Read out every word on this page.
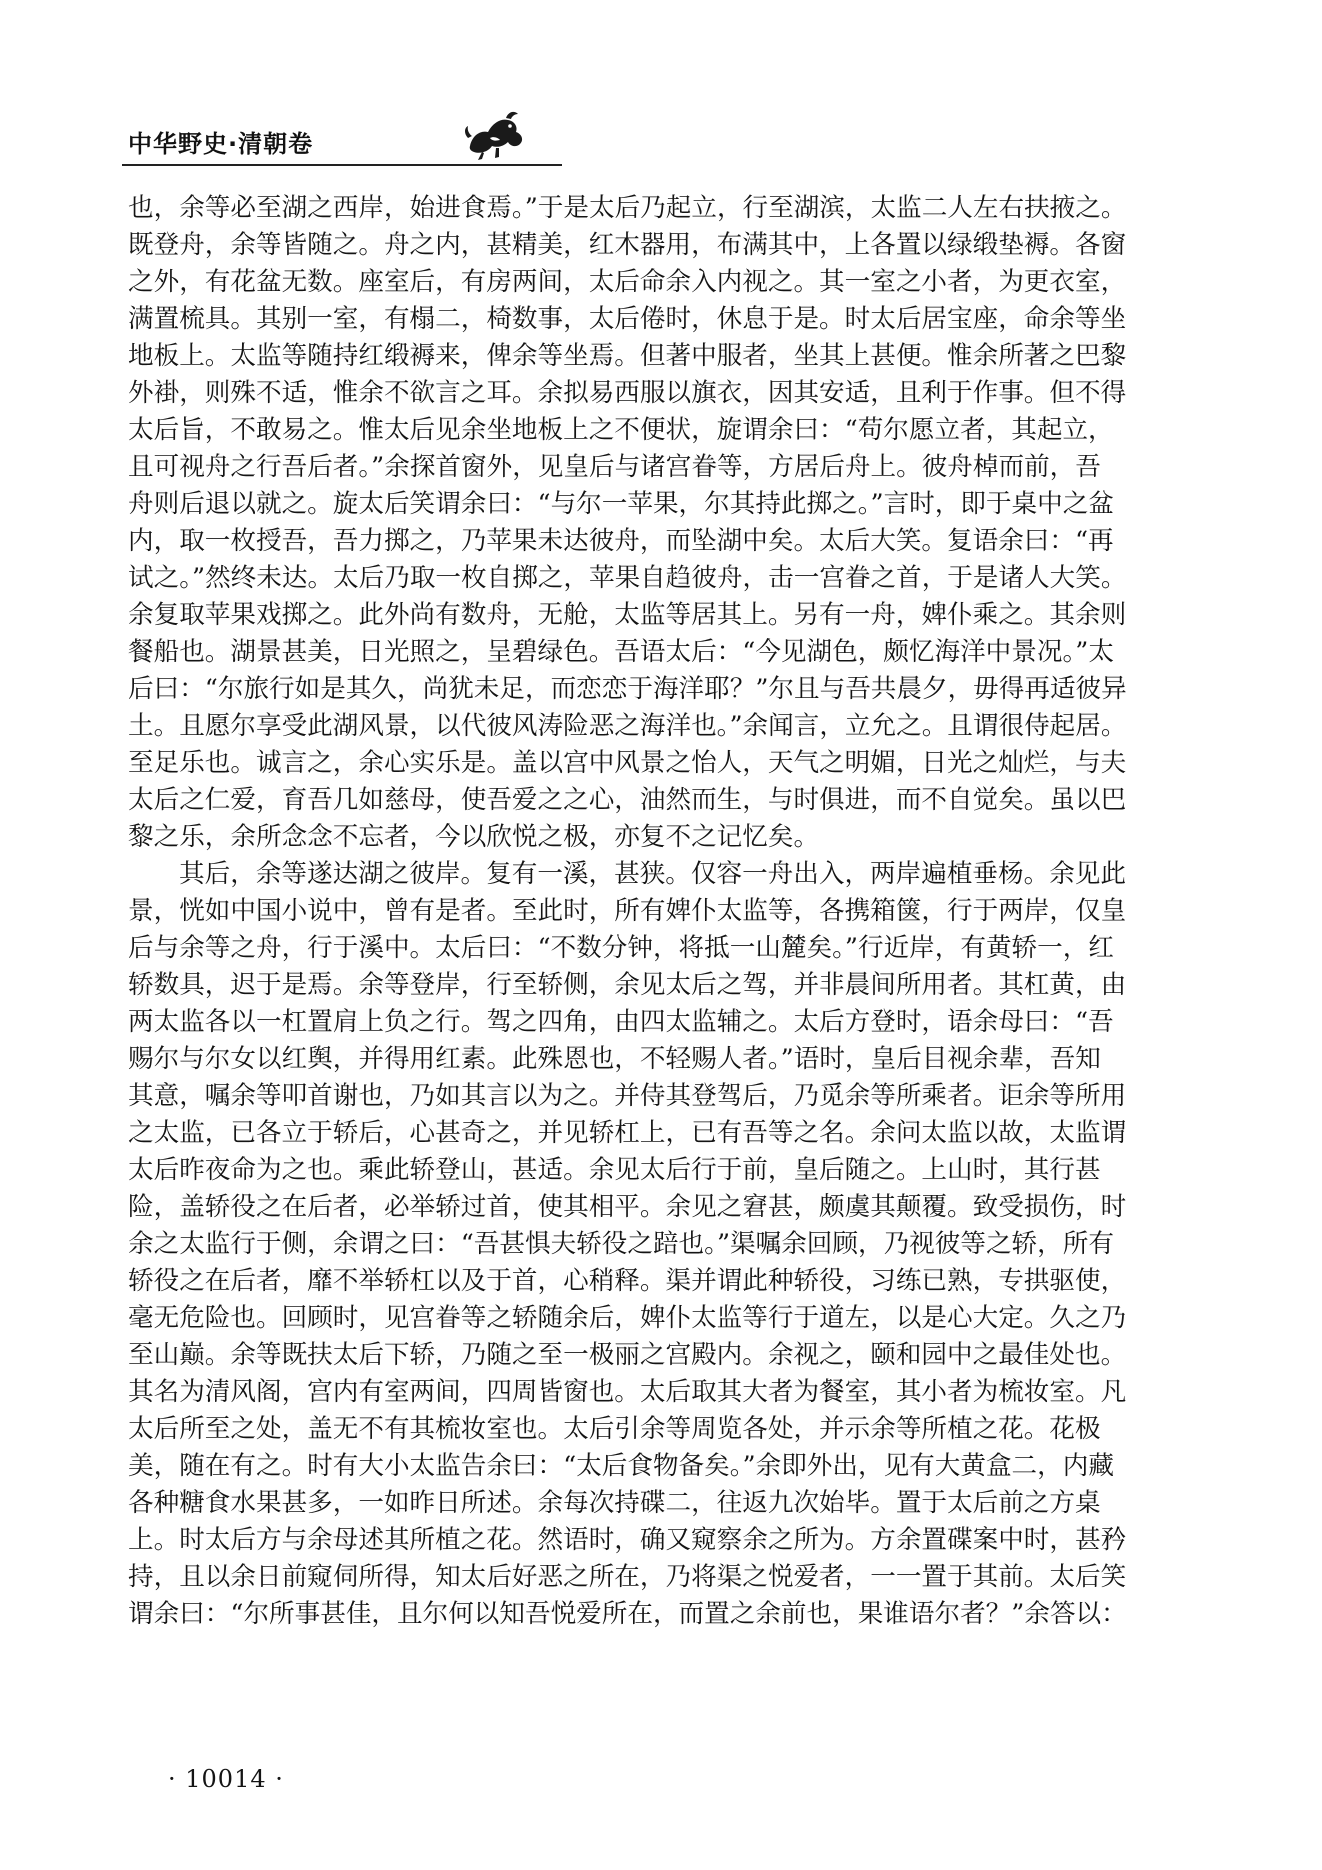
中华野史·清朝卷
也，余等必至湖之西岸，始进食焉。”于是太后乃起立，行至湖滨，太监二人左右扶掖之。
既登舟，余等皆随之。舟之内，甚精美，红木器用，布满其中，上各置以绿缎垫褥。各窗
之外，有花盆无数。座室后，有房两间，太后命余入内视之。其一室之小者，为更衣室，
满置梳具。其别一室，有榻二，椅数事，太后倦时，休息于是。时太后居宝座，命余等坐
地板上。太监等随持红缎褥来，俾余等坐焉。但著中服者，坐其上甚便。惟余所著之巴黎
外褂，则殊不适，惟余不欲言之耳。余拟易西服以旗衣，因其安适，且利于作事。但不得
太后旨，不敢易之。惟太后见余坐地板上之不便状，旋谓余曰：“苟尔愿立者，其起立，
且可视舟之行吾后者。”余探首窗外，见皇后与诸宫眷等，方居后舟上。彼舟棹而前，吾
舟则后退以就之。旋太后笑谓余曰：“与尔一苹果，尔其持此掷之。”言时，即于桌中之盆
内，取一枚授吾，吾力掷之，乃苹果未达彼舟，而坠湖中矣。太后大笑。复语余曰：“再
试之。”然终未达。太后乃取一枚自掷之，苹果自趋彼舟，击一宫眷之首，于是诸人大笑。
余复取苹果戏掷之。此外尚有数舟，无舱，太监等居其上。另有一舟，婢仆乘之。其余则
餐船也。湖景甚美，日光照之，呈碧绿色。吾语太后：“今见湖色，颇忆海洋中景况。”太
后曰：“尔旅行如是其久，尚犹未足，而恋恋于海洋耶？”尔且与吾共晨夕，毋得再适彼异
土。且愿尔享受此湖风景，以代彼风涛险恶之海洋也。”余闻言，立允之。且谓很侍起居。
至足乐也。诚言之，余心实乐是。盖以宫中风景之怡人，天气之明媚，日光之灿烂，与夫
太后之仁爱，育吾几如慈母，使吾爱之之心，油然而生，与时俱进，而不自觉矣。虽以巴
黎之乐，余所念念不忘者，今以欣悦之极，亦复不之记忆矣。
其后，余等遂达湖之彼岸。复有一溪，甚狭。仅容一舟出入，两岸遍植垂杨。余见此
景，恍如中国小说中，曾有是者。至此时，所有婢仆太监等，各携箱箧，行于两岸，仅皇
后与余等之舟，行于溪中。太后曰：“不数分钟，将抵一山麓矣。”行近岸，有黄轿一，红
轿数具，迟于是焉。余等登岸，行至轿侧，余见太后之驾，并非晨间所用者。其杠黄，由
两太监各以一杠置肩上负之行。驾之四角，由四太监辅之。太后方登时，语余母曰：“吾
赐尔与尔女以红舆，并得用红素。此殊恩也，不轻赐人者。”语时，皇后目视余辈，吾知
其意，嘱余等叩首谢也，乃如其言以为之。并侍其登驾后，乃觅余等所乘者。讵余等所用
之太监，已各立于轿后，心甚奇之，并见轿杠上，已有吾等之名。余问太监以故，太监谓
太后昨夜命为之也。乘此轿登山，甚适。余见太后行于前，皇后随之。上山时，其行甚
险，盖轿役之在后者，必举轿过首，使其相平。余见之窘甚，颇虞其颠覆。致受损伤，时
余之太监行于侧，余谓之曰：“吾甚惧夫轿役之踣也。”渠嘱余回顾，乃视彼等之轿，所有
轿役之在后者，靡不举轿杠以及于首，心稍释。渠并谓此种轿役，习练已熟，专拱驱使，
毫无危险也。回顾时，见宫眷等之轿随余后，婢仆太监等行于道左，以是心大定。久之乃
至山巅。余等既扶太后下轿，乃随之至一极丽之宫殿内。余视之，颐和园中之最佳处也。
其名为清风阁，宫内有室两间，四周皆窗也。太后取其大者为餐室，其小者为梳妆室。凡
太后所至之处，盖无不有其梳妆室也。太后引余等周览各处，并示余等所植之花。花极
美，随在有之。时有大小太监告余曰：“太后食物备矣。”余即外出，见有大黄盒二，内藏
各种糖食水果甚多，一如昨日所述。余每次持碟二，往返九次始毕。置于太后前之方桌
上。时太后方与余母述其所植之花。然语时，确又窥察余之所为。方余置碟案中时，甚矜
持，且以余日前窥伺所得，知太后好恶之所在，乃将渠之悦爱者，一一置于其前。太后笑
谓余曰：“尔所事甚佳，且尔何以知吾悦爱所在，而置之余前也，果谁语尔者？”余答以：
· 10014 ·
